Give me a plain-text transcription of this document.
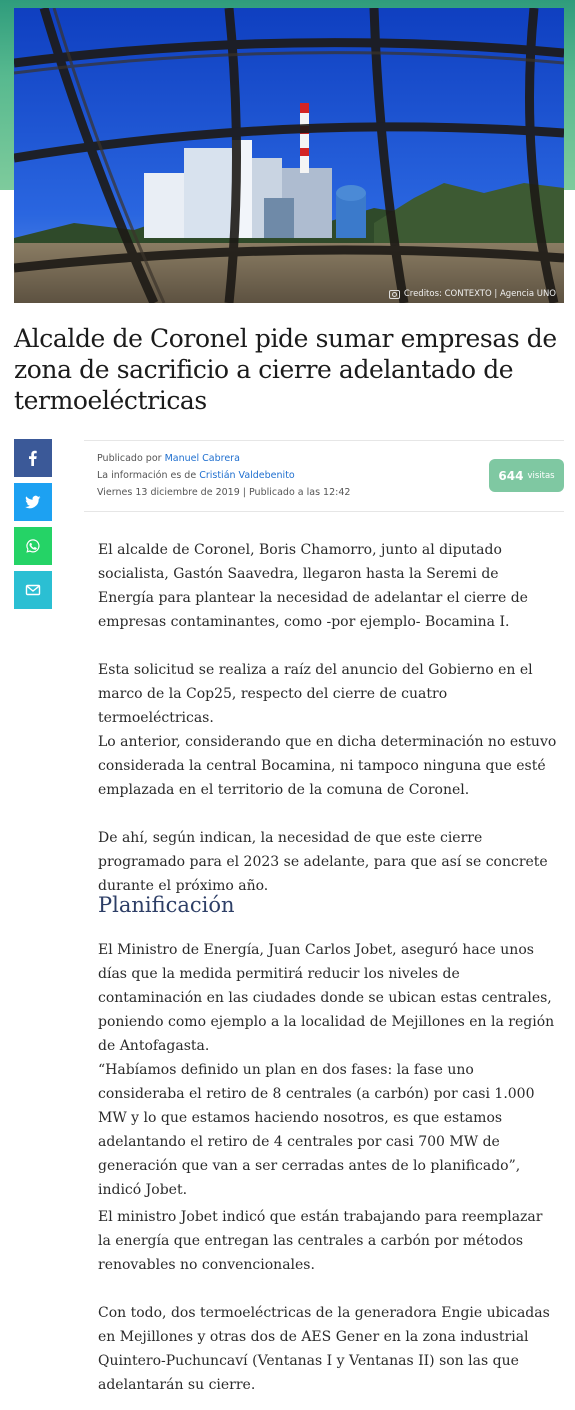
Creditos: CONTEXTO | Agencia UNO
Alcalde de Coronel pide sumar empresas de zona de sacrificio a cierre adelantado de termoeléctricas
Publicado por Manuel Cabrera
La información es de Cristián Valdebenito
Viernes 13 diciembre de 2019 | Publicado a las 12:42
644 visitas

El alcalde de Coronel, Boris Chamorro, junto al diputado socialista, Gastón Saavedra, llegaron hasta la Seremi de Energía para plantear la necesidad de adelantar el cierre de empresas contaminantes, como -por ejemplo- Bocamina I.

Esta solicitud se realiza a raíz del anuncio del Gobierno en el marco de la Cop25, respecto del cierre de cuatro termoeléctricas.

Lo anterior, considerando que en dicha determinación no estuvo considerada la central Bocamina, ni tampoco ninguna que esté emplazada en el territorio de la comuna de Coronel.

De ahí, según indican, la necesidad de que este cierre programado para el 2023 se adelante, para que así se concrete durante el próximo año.

Planificación

El Ministro de Energía, Juan Carlos Jobet, aseguró hace unos días que la medida permitirá reducir los niveles de contaminación en las ciudades donde se ubican estas centrales, poniendo como ejemplo a la localidad de Mejillones en la región de Antofagasta.

“Habíamos definido un plan en dos fases: la fase uno consideraba el retiro de 8 centrales (a carbón) por casi 1.000 MW y lo que estamos haciendo nosotros, es que estamos adelantando el retiro de 4 centrales por casi 700 MW de generación que van a ser cerradas antes de lo planificado”, indicó Jobet.

El ministro Jobet indicó que están trabajando para reemplazar la energía que entregan las centrales a carbón por métodos renovables no convencionales.

Con todo, dos termoeléctricas de la generadora Engie ubicadas en Mejillones y otras dos de AES Gener en la zona industrial Quintero-Puchuncaví (Ventanas I y Ventanas II) son las que adelantarán su cierre.
